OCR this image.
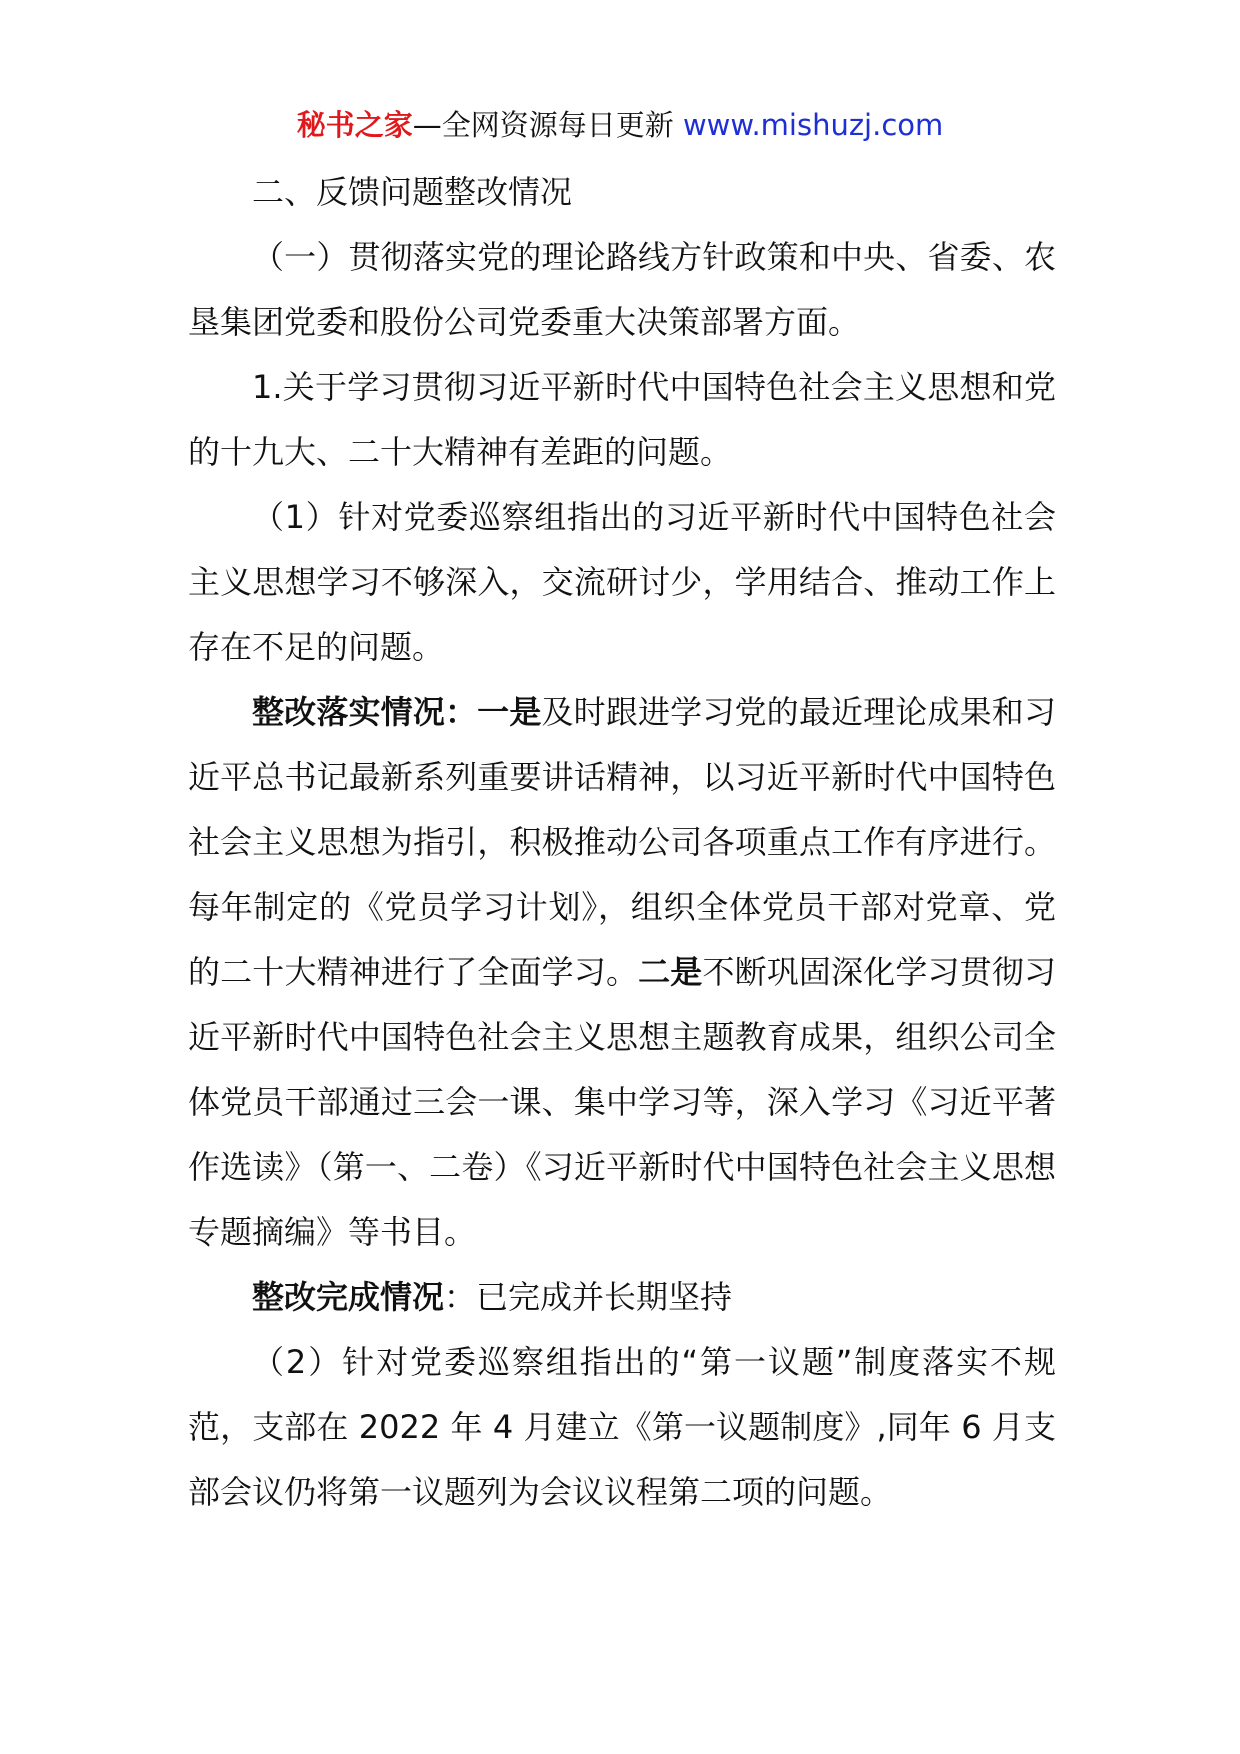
秘书之家—全网资源每日更新 www.mishuzj.com

二、反馈问题整改情况

（一）贯彻落实党的理论路线方针政策和中央、省委、农垦集团党委和股份公司党委重大决策部署方面。

1.关于学习贯彻习近平新时代中国特色社会主义思想和党的十九大、二十大精神有差距的问题。

（1）针对党委巡察组指出的习近平新时代中国特色社会主义思想学习不够深入，交流研讨少，学用结合、推动工作上存在不足的问题。

整改落实情况：一是及时跟进学习党的最近理论成果和习近平总书记最新系列重要讲话精神，以习近平新时代中国特色社会主义思想为指引，积极推动公司各项重点工作有序进行。每年制定的《党员学习计划》，组织全体党员干部对党章、党的二十大精神进行了全面学习。二是不断巩固深化学习贯彻习近平新时代中国特色社会主义思想主题教育成果，组织公司全体党员干部通过三会一课、集中学习等，深入学习《习近平著作选读》（第一、二卷）《习近平新时代中国特色社会主义思想专题摘编》等书目。

整改完成情况：已完成并长期坚持

（2）针对党委巡察组指出的“第一议题”制度落实不规范，支部在 2022 年 4 月建立《第一议题制度》,同年 6 月支部会议仍将第一议题列为会议议程第二项的问题。
